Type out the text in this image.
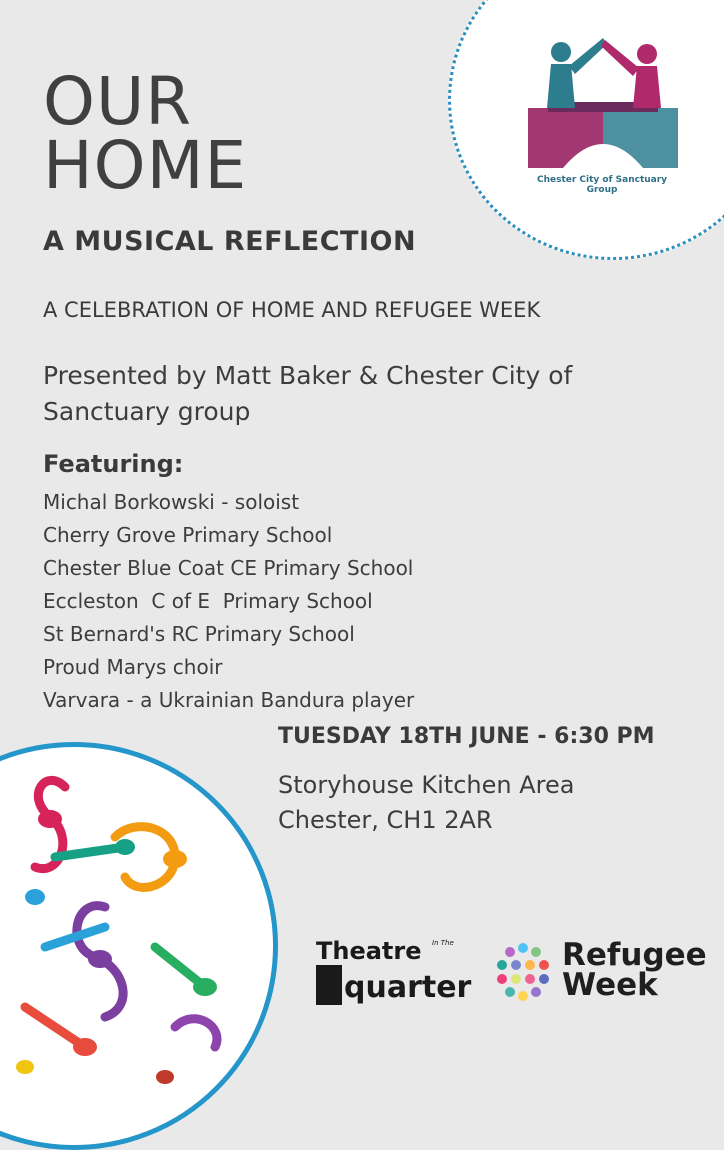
Chester City of Sanctuary Group
OUR
HOME
A MUSICAL REFLECTION
A CELEBRATION OF HOME AND REFUGEE WEEK
Presented by Matt Baker & Chester City of Sanctuary group
Featuring:
Michal Borkowski - soloist
Cherry Grove Primary School
Chester Blue Coat CE Primary School
Eccleston  C of E  Primary School
St Bernard's RC Primary School
Proud Marys choir
Varvara - a Ukrainian Bandura player
TUESDAY 18TH JUNE - 6:30 PM
Storyhouse Kitchen Area
Chester, CH1 2AR
Theatre In The
quarter
Refugee
Week
